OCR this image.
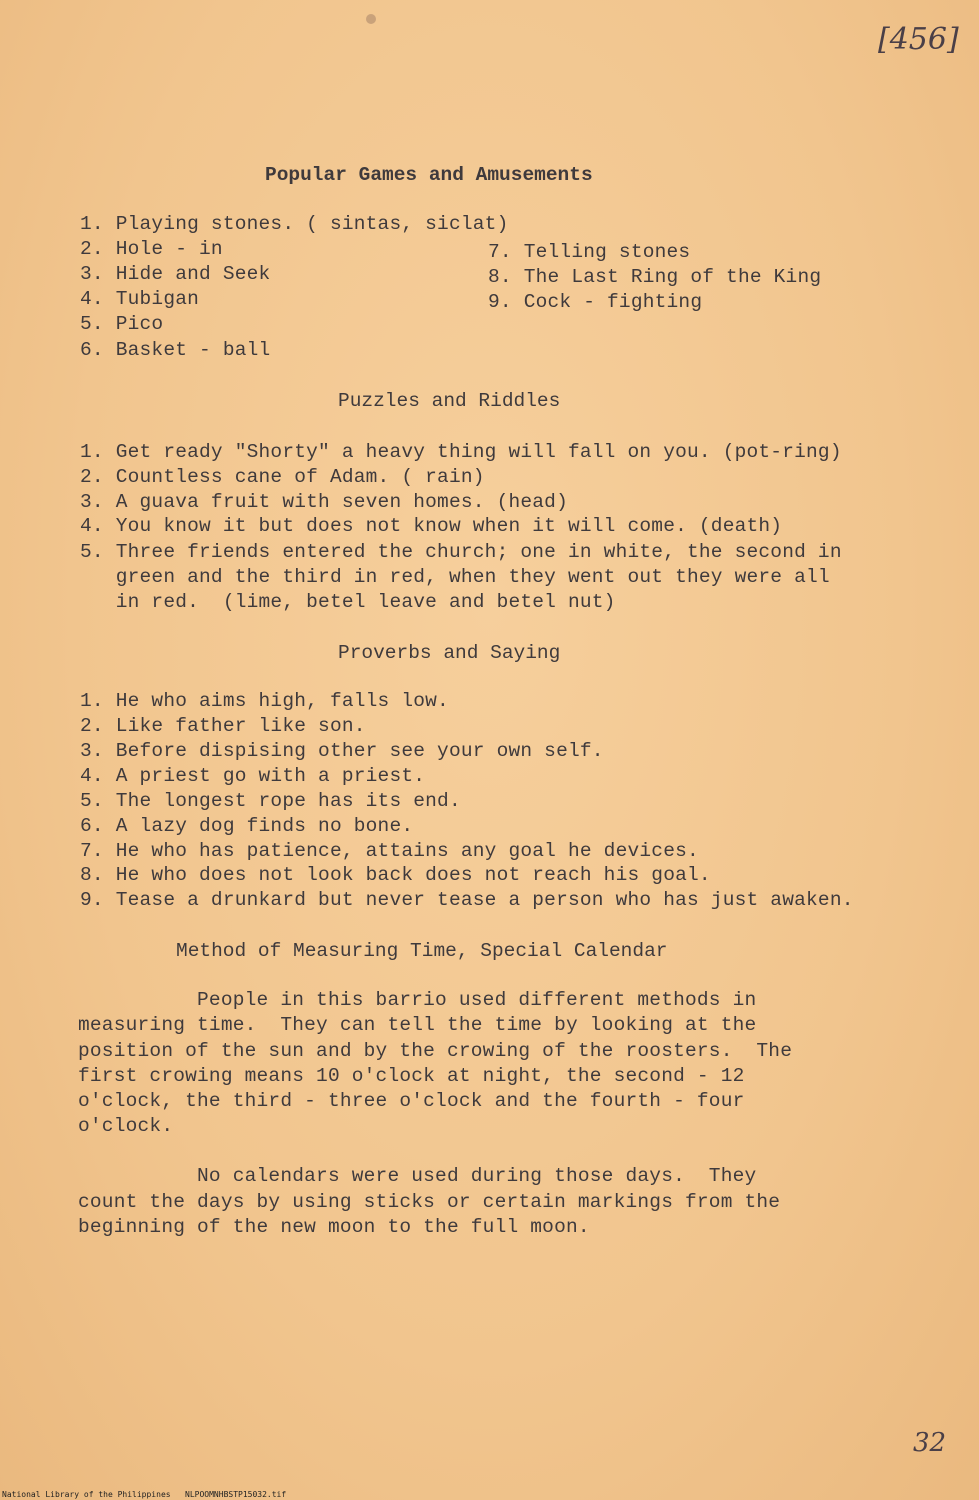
[456]
Popular Games and Amusements
1. Playing stones. ( sintas, siclat)
2. Hole - in
3. Hide and Seek
4. Tubigan
5. Pico
6. Basket - ball
7. Telling stones
8. The Last Ring of the King
9. Cock - fighting
Puzzles and Riddles
1. Get ready "Shorty" a heavy thing will fall on you. (pot-ring)
2. Countless cane of Adam. ( rain)
3. A guava fruit with seven homes. (head)
4. You know it but does not know when it will come. (death)
5. Three friends entered the church; one in white, the second in
green and the third in red, when they went out they were all
in red.  (lime, betel leave and betel nut)
Proverbs and Saying
1. He who aims high, falls low.
2. Like father like son.
3. Before dispising other see your own self.
4. A priest go with a priest.
5. The longest rope has its end.
6. A lazy dog finds no bone.
7. He who has patience, attains any goal he devices.
8. He who does not look back does not reach his goal.
9. Tease a drunkard but never tease a person who has just awaken.
Method of Measuring Time, Special Calendar
People in this barrio used different methods in
measuring time.  They can tell the time by looking at the
position of the sun and by the crowing of the roosters.  The
first crowing means 10 o'clock at night, the second - 12
o'clock, the third - three o'clock and the fourth - four
o'clock.
No calendars were used during those days.  They
count the days by using sticks or certain markings from the
beginning of the new moon to the full moon.
32
National Library of the Philippines NLPOOMNHBSTP15032.tif
